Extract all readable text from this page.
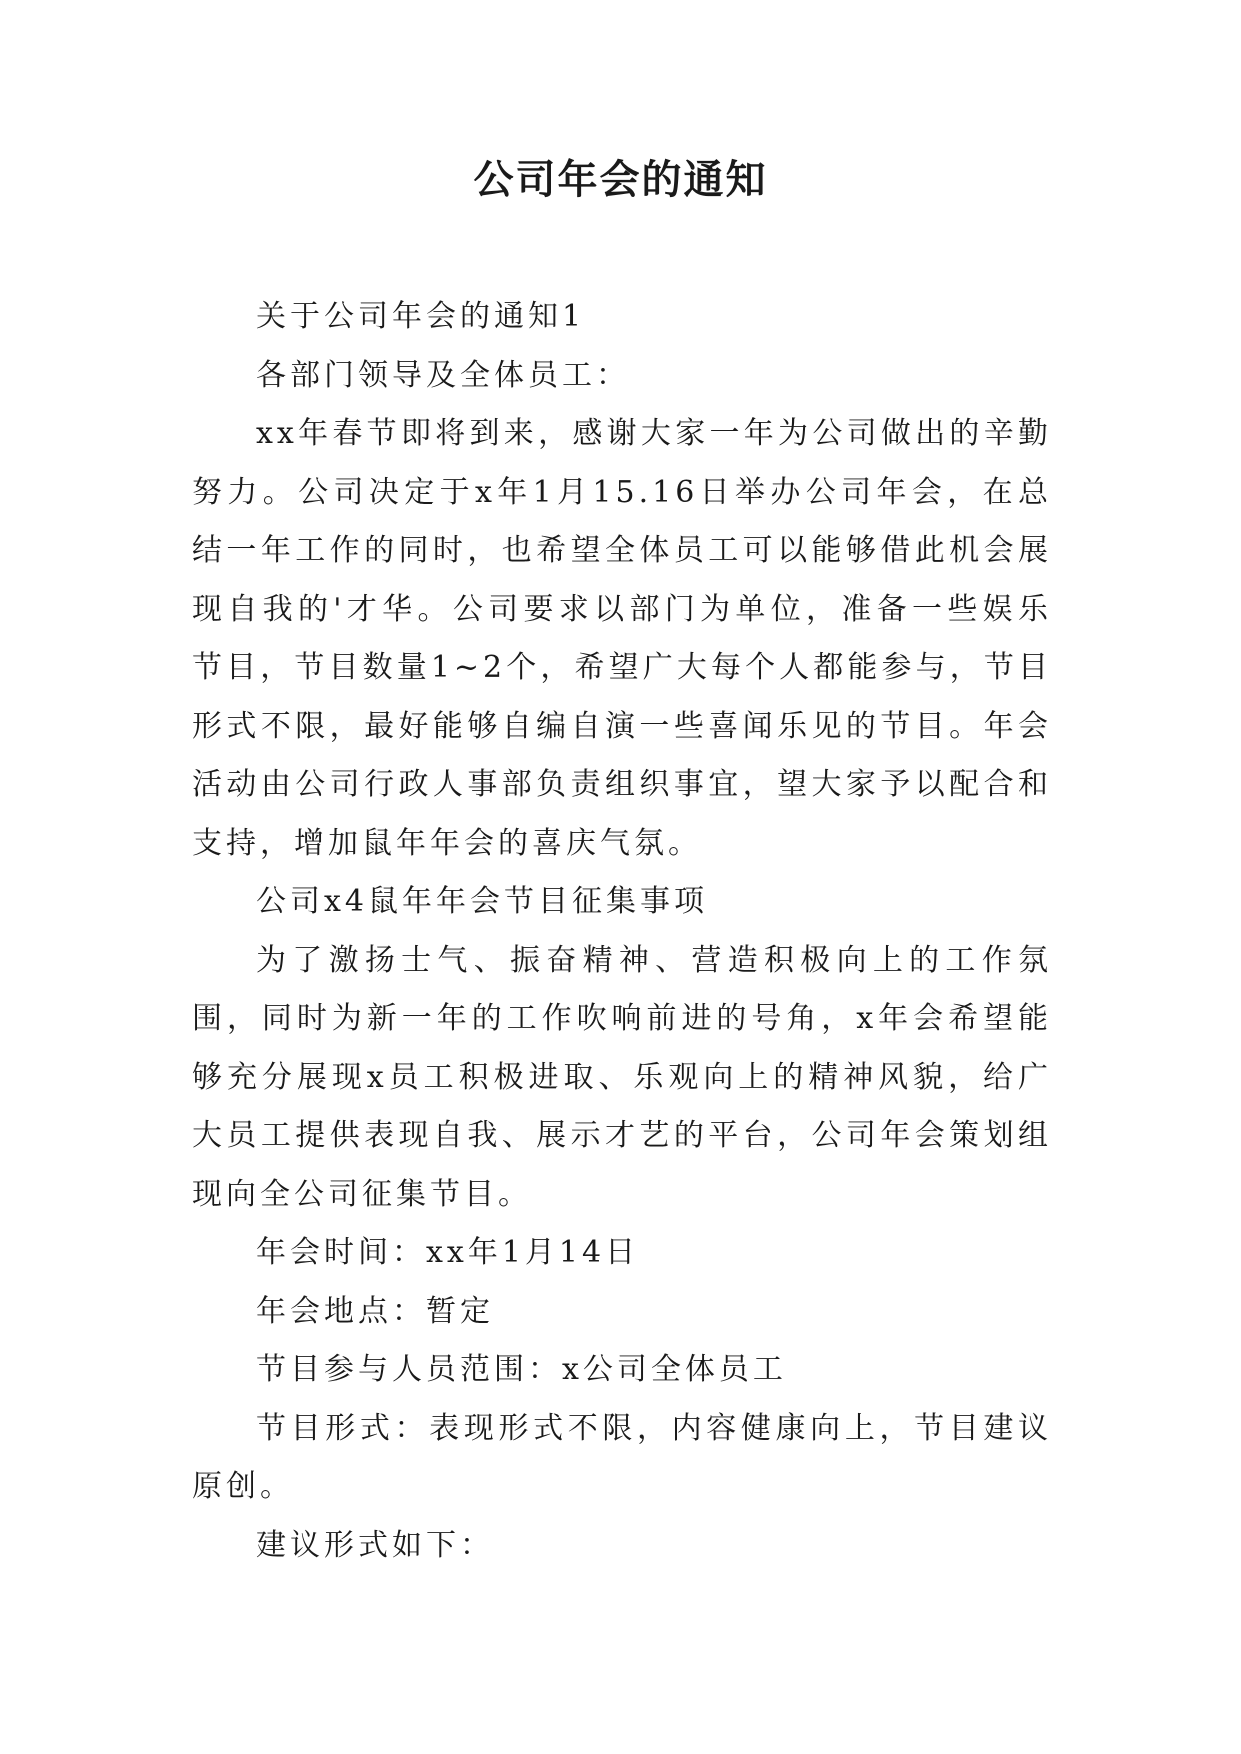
公司年会的通知

关于公司年会的通知1

各部门领导及全体员工：

xx年春节即将到来，感谢大家一年为公司做出的辛勤努力。公司决定于x年1月15.16日举办公司年会，在总结一年工作的同时，也希望全体员工可以能够借此机会展现自我的'才华。公司要求以部门为单位，准备一些娱乐节目，节目数量1~2个，希望广大每个人都能参与，节目形式不限，最好能够自编自演一些喜闻乐见的节目。年会活动由公司行政人事部负责组织事宜，望大家予以配合和支持，增加鼠年年会的喜庆气氛。

公司x4鼠年年会节目征集事项

为了激扬士气、振奋精神、营造积极向上的工作氛围，同时为新一年的工作吹响前进的号角，x年会希望能够充分展现x员工积极进取、乐观向上的精神风貌，给广大员工提供表现自我、展示才艺的平台，公司年会策划组现向全公司征集节目。

年会时间：xx年1月14日

年会地点：暂定

节目参与人员范围：x公司全体员工

节目形式：表现形式不限，内容健康向上，节目建议原创。

建议形式如下：
